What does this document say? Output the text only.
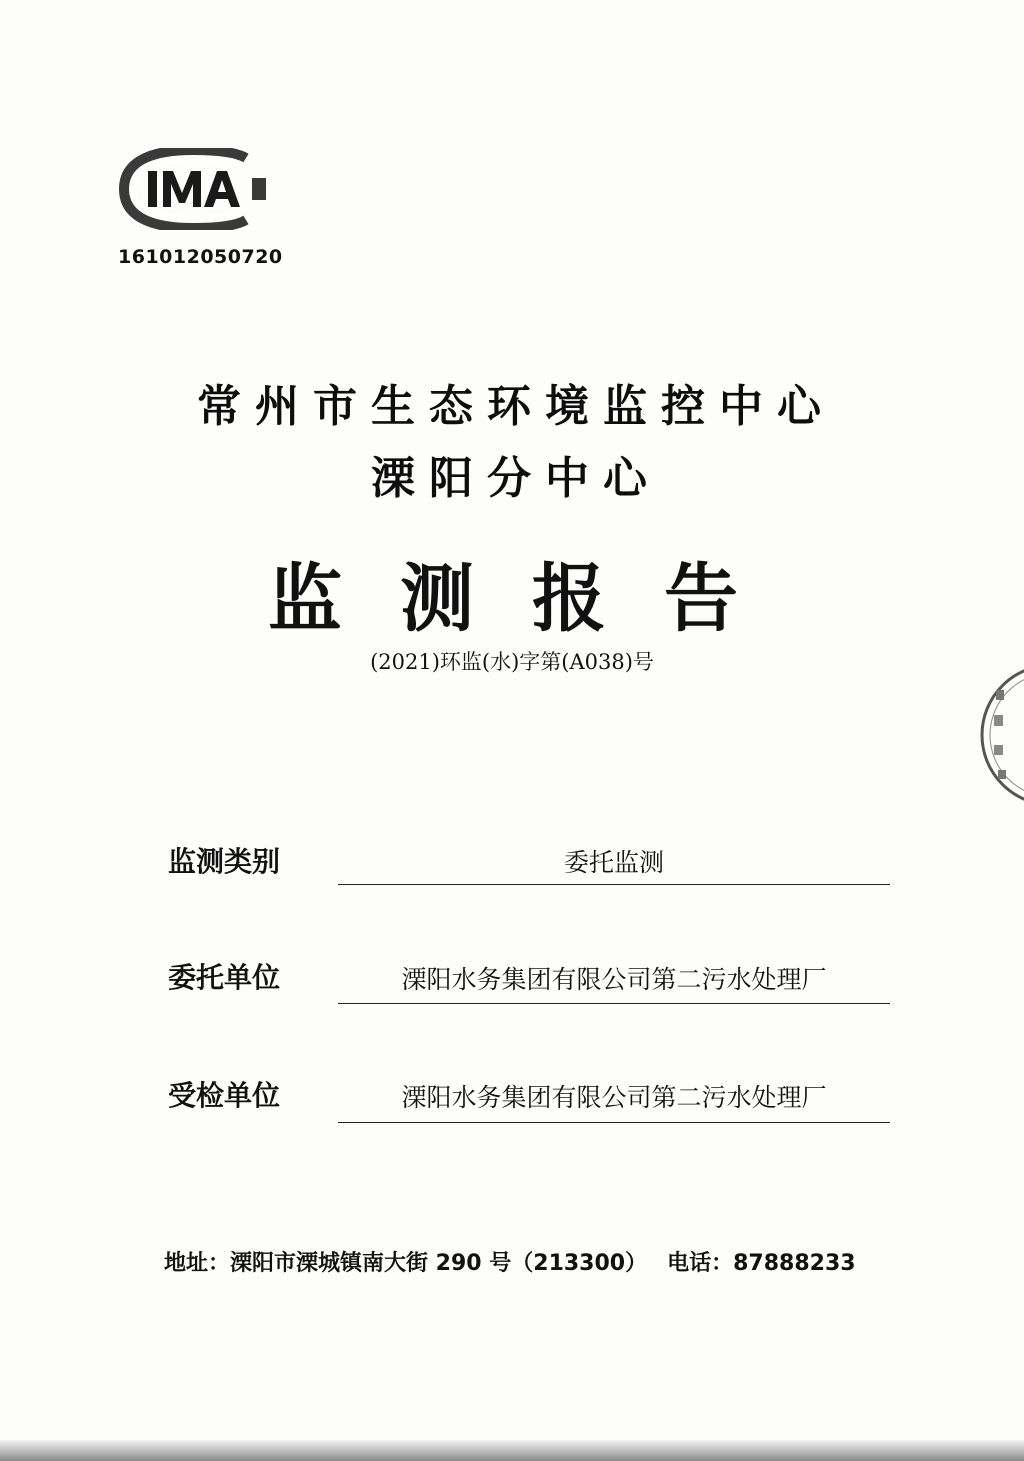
161012050720
常州市生态环境监控中心
溧阳分中心
监测报告
(2021)环监(水)字第(A038)号
监测类别	委托监测
委托单位	溧阳水务集团有限公司第二污水处理厂
受检单位	溧阳水务集团有限公司第二污水处理厂
地址：溧阳市溧城镇南大街 290 号（213300） 电话：87888233
